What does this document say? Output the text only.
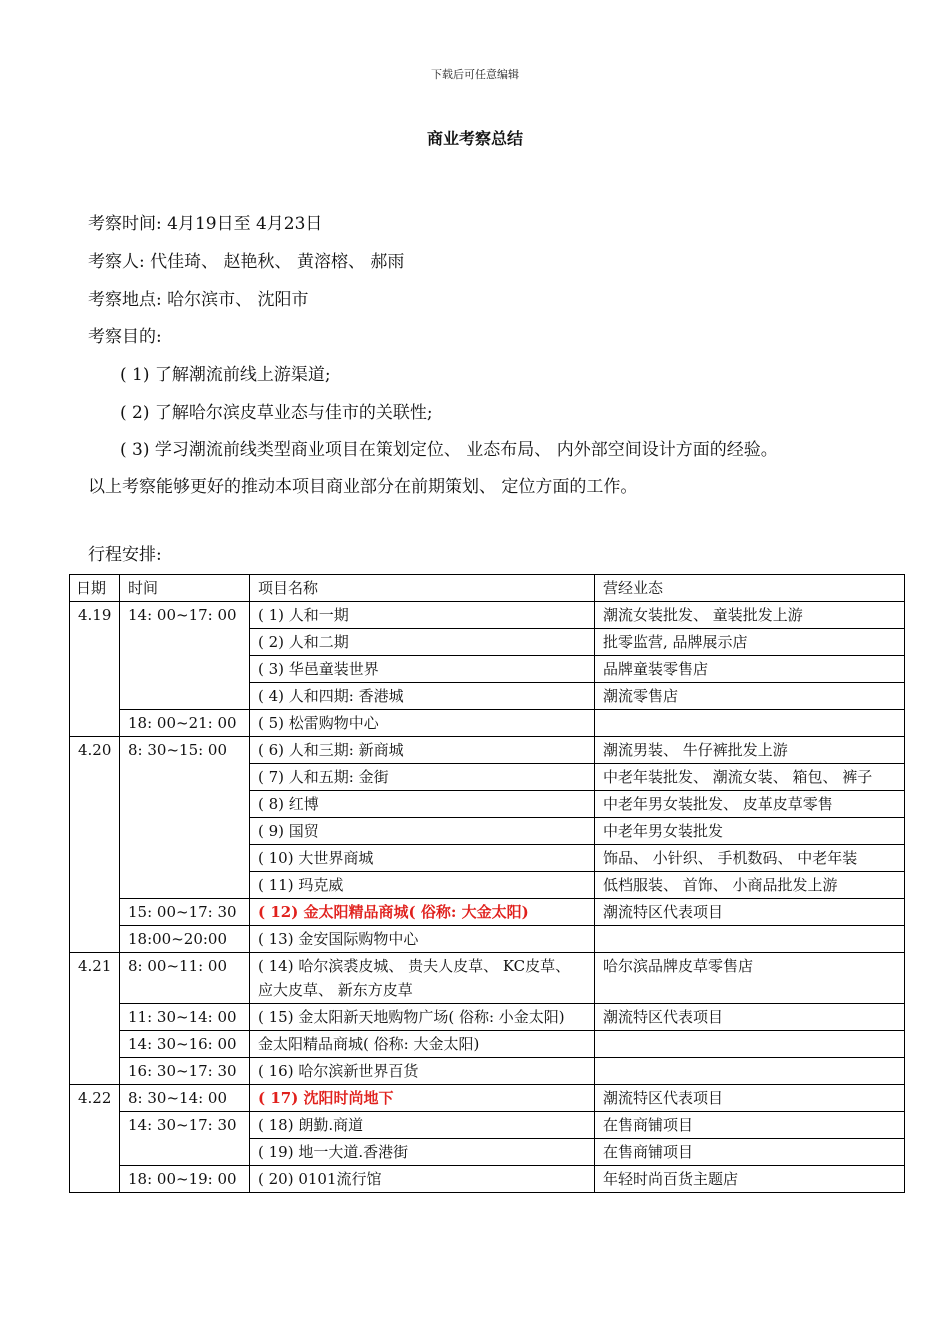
下载后可任意编辑
商业考察总结
考察时间: 4月19日至 4月23日
考察人: 代佳琦、 赵艳秋、 黄溶榕、 郝雨
考察地点: 哈尔滨市、 沈阳市
考察目的:
( 1) 了解潮流前线上游渠道;
( 2) 了解哈尔滨皮草业态与佳市的关联性;
( 3) 学习潮流前线类型商业项目在策划定位、 业态布局、 内外部空间设计方面的经验。
以上考察能够更好的推动本项目商业部分在前期策划、 定位方面的工作。
行程安排:
日期	时间	项目名称	营经业态
4.19	14: 00~17: 00	( 1) 人和一期	潮流女装批发、 童装批发上游
		( 2) 人和二期	批零监营, 品牌展示店
		( 3) 华邑童装世界	品牌童装零售店
		( 4) 人和四期: 香港城	潮流零售店
	18: 00~21: 00	( 5) 松雷购物中心	
4.20	8: 30~15: 00	( 6) 人和三期: 新商城	潮流男装、 牛仔裤批发上游
		( 7) 人和五期: 金街	中老年装批发、 潮流女装、 箱包、 裤子
		( 8) 红博	中老年男女装批发、 皮革皮草零售
		( 9) 国贸	中老年男女装批发
		( 10) 大世界商城	饰品、 小针织、 手机数码、 中老年装
		( 11) 玛克威	低档服装、 首饰、 小商品批发上游
	15: 00~17: 30	( 12) 金太阳精品商城( 俗称: 大金太阳)	潮流特区代表项目
	18:00~20:00	( 13) 金安国际购物中心	
4.21	8: 00~11: 00	( 14) 哈尔滨裘皮城、 贵夫人皮草、 KC皮草、 应大皮草、 新东方皮草	哈尔滨品牌皮草零售店
	11: 30~14: 00	( 15) 金太阳新天地购物广场( 俗称: 小金太阳)	潮流特区代表项目
	14: 30~16: 00	金太阳精品商城( 俗称: 大金太阳)	
	16: 30~17: 30	( 16) 哈尔滨新世界百货	
4.22	8: 30~14: 00	( 17) 沈阳时尚地下	潮流特区代表项目
	14: 30~17: 30	( 18) 朗勤.商道	在售商铺项目
		( 19) 地一大道.香港街	在售商铺项目
	18: 00~19: 00	( 20) 0101流行馆	年轻时尚百货主题店
